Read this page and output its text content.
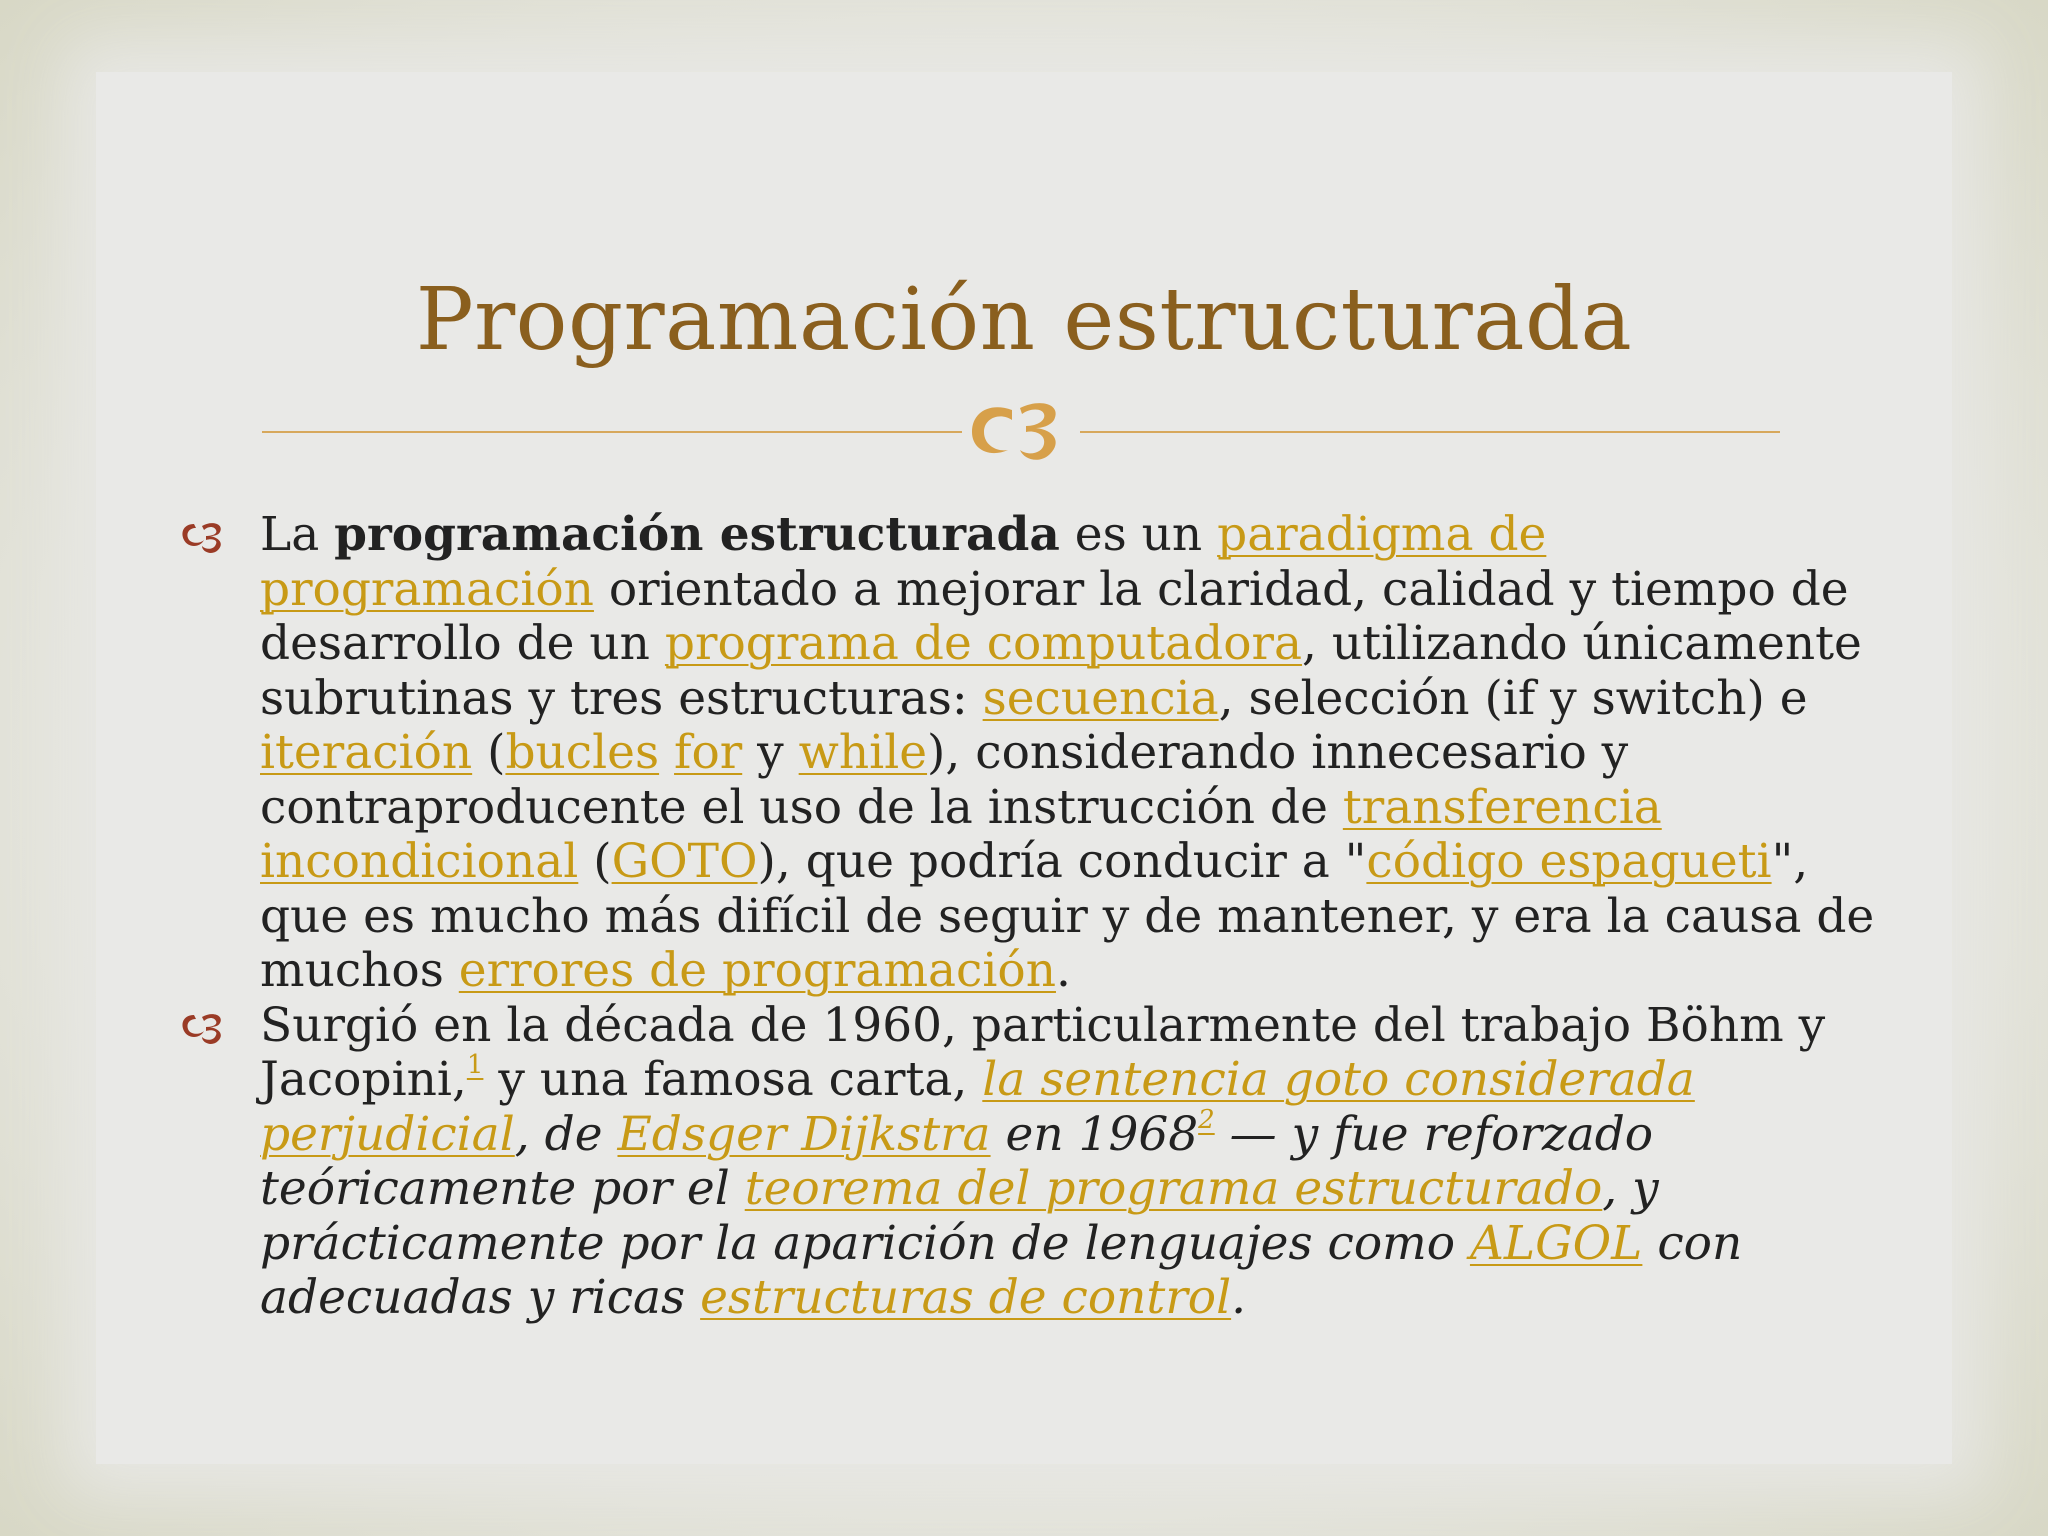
Programación estructurada

La programación estructurada es un paradigma de programación orientado a mejorar la claridad, calidad y tiempo de desarrollo de un programa de computadora, utilizando únicamente subrutinas y tres estructuras: secuencia, selección (if y switch) e iteración (bucles for y while), considerando innecesario y contraproducente el uso de la instrucción de transferencia incondicional (GOTO), que podría conducir a "código espagueti", que es mucho más difícil de seguir y de mantener, y era la causa de muchos errores de programación.

Surgió en la década de 1960, particularmente del trabajo Böhm y Jacopini,$^1$ y una famosa carta, la sentencia goto considerada perjudicial, de Edsger Dijkstra en 1968$^2$ — y fue reforzado teóricamente por el teorema del programa estructurado, y prácticamente por la aparición de lenguajes como ALGOL con adecuadas y ricas estructuras de control.
